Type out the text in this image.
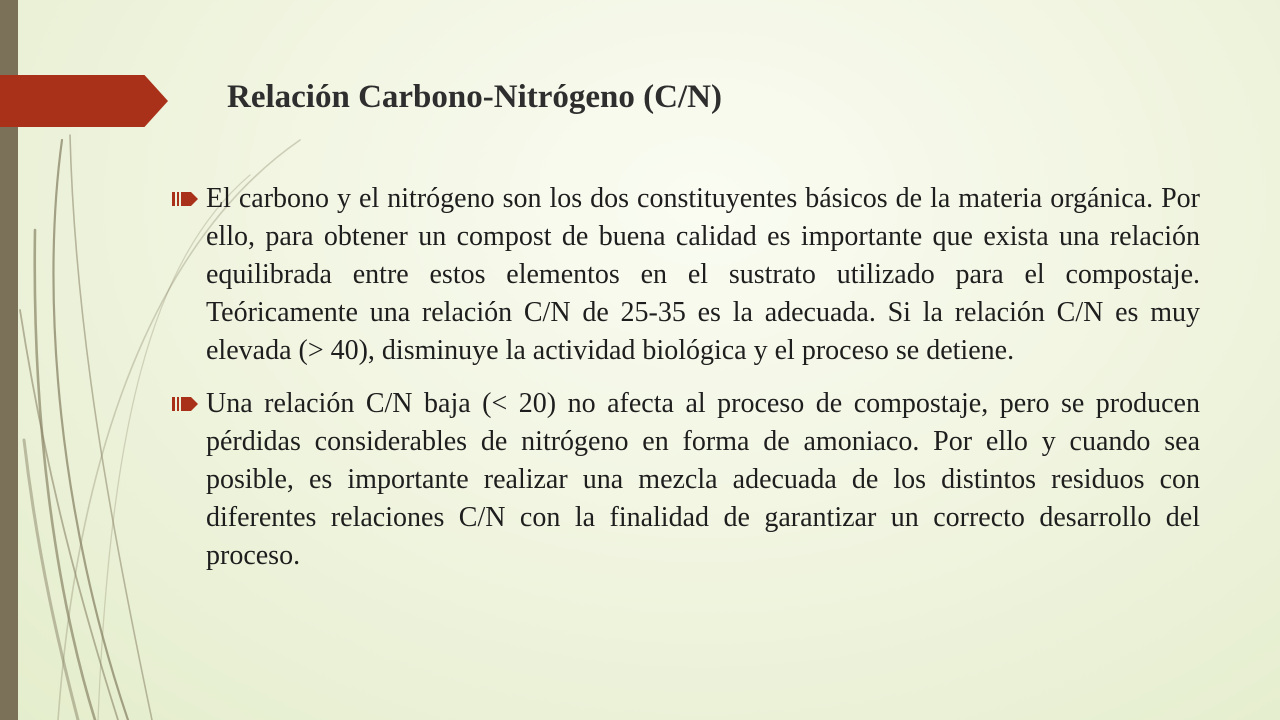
Relación Carbono-Nitrógeno (C/N)
El carbono y el nitrógeno son los dos constituyentes básicos de la materia orgánica. Por ello, para obtener un compost de buena calidad es importante que exista una relación equilibrada entre estos elementos en el sustrato utilizado para el compostaje. Teóricamente una relación C/N de 25-35 es la adecuada. Si la relación C/N es muy elevada (> 40), disminuye la actividad biológica y el proceso se detiene.
Una relación C/N baja (< 20) no afecta al proceso de compostaje, pero se producen pérdidas considerables de nitrógeno en forma de amoniaco. Por ello y cuando sea posible, es importante realizar una mezcla adecuada de los distintos residuos con diferentes relaciones C/N con la finalidad de garantizar un correcto desarrollo del proceso.
